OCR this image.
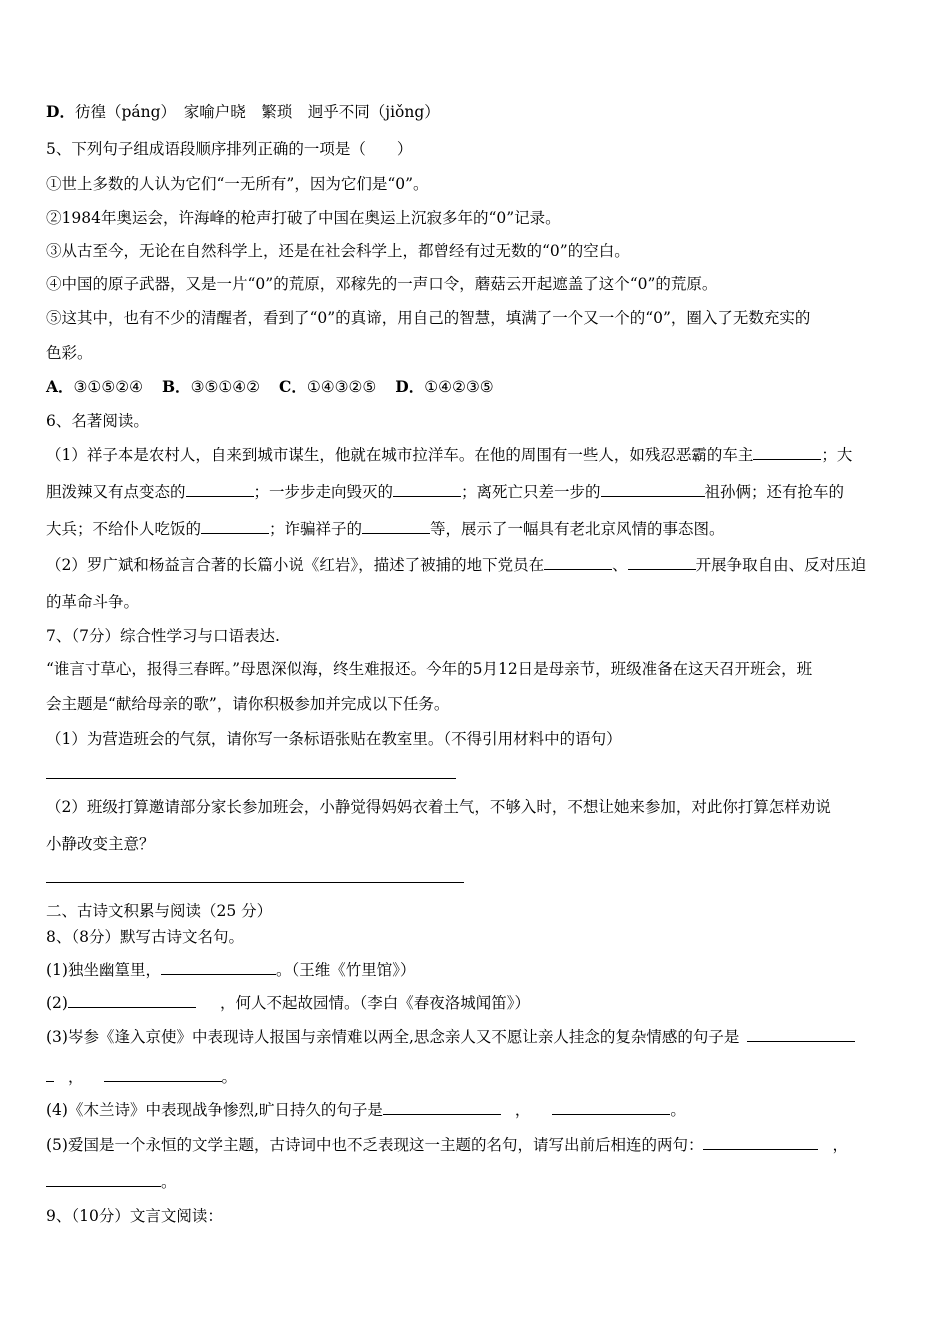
D．彷徨（páng）　家喻户晓　繁琐　迥乎不同（jiǒng）
5、下列句子组成语段顺序排列正确的一项是（　　）
①世上多数的人认为它们“一无所有”，因为它们是“0”。
②1984年奥运会，许海峰的枪声打破了中国在奥运上沉寂多年的“0”记录。
③从古至今，无论在自然科学上，还是在社会科学上，都曾经有过无数的“0”的空白。
④中国的原子武器，又是一片“0”的荒原，邓稼先的一声口令，蘑菇云开起遮盖了这个“0”的荒原。
⑤这其中，也有不少的清醒者，看到了“0”的真谛，用自己的智慧，填满了一个又一个的“0”，圈入了无数充实的
色彩。
A．③①⑤②④ B．③⑤①④② C．①④③②⑤ D．①④②③⑤
6、名著阅读。
（1）祥子本是农村人，自来到城市谋生，他就在城市拉洋车。在他的周围有一些人，如残忍恶霸的车主	；大
胆泼辣又有点变态的	；一步步走向毁灭的	；离死亡只差一步的	祖孙俩；还有抢车的
大兵；不给仆人吃饭的	；诈骗祥子的	等，展示了一幅具有老北京风情的事态图。
（2）罗广斌和杨益言合著的长篇小说《红岩》，描述了被捕的地下党员在	、	开展争取自由、反对压迫
的革命斗争。
7、（7分）综合性学习与口语表达.
“谁言寸草心，报得三春晖。”母恩深似海，终生难报还。今年的5月12日是母亲节，班级准备在这天召开班会，班
会主题是“献给母亲的歌”，请你积极参加并完成以下任务。
（1）为营造班会的气氛，请你写一条标语张贴在教室里。（不得引用材料中的语句）
（2）班级打算邀请部分家长参加班会，小静觉得妈妈衣着土气，不够入时，不想让她来参加，对此你打算怎样劝说
小静改变主意？
二、古诗文积累与阅读（25 分）
8、（8分）默写古诗文名句。
(1)独坐幽篁里，	。（王维《竹里馆》）
(2)	，何人不起故园情。（李白《春夜洛城闻笛》）
(3)岑参《逢入京使》中表现诗人报国与亲情难以两全,思念亲人又不愿让亲人挂念的复杂情感的句子是
，	。
(4)《木兰诗》中表现战争惨烈,旷日持久的句子是	，	。
(5)爱国是一个永恒的文学主题，古诗词中也不乏表现这一主题的名句，请写出前后相连的两句：	，
。
9、（10分）文言文阅读：
